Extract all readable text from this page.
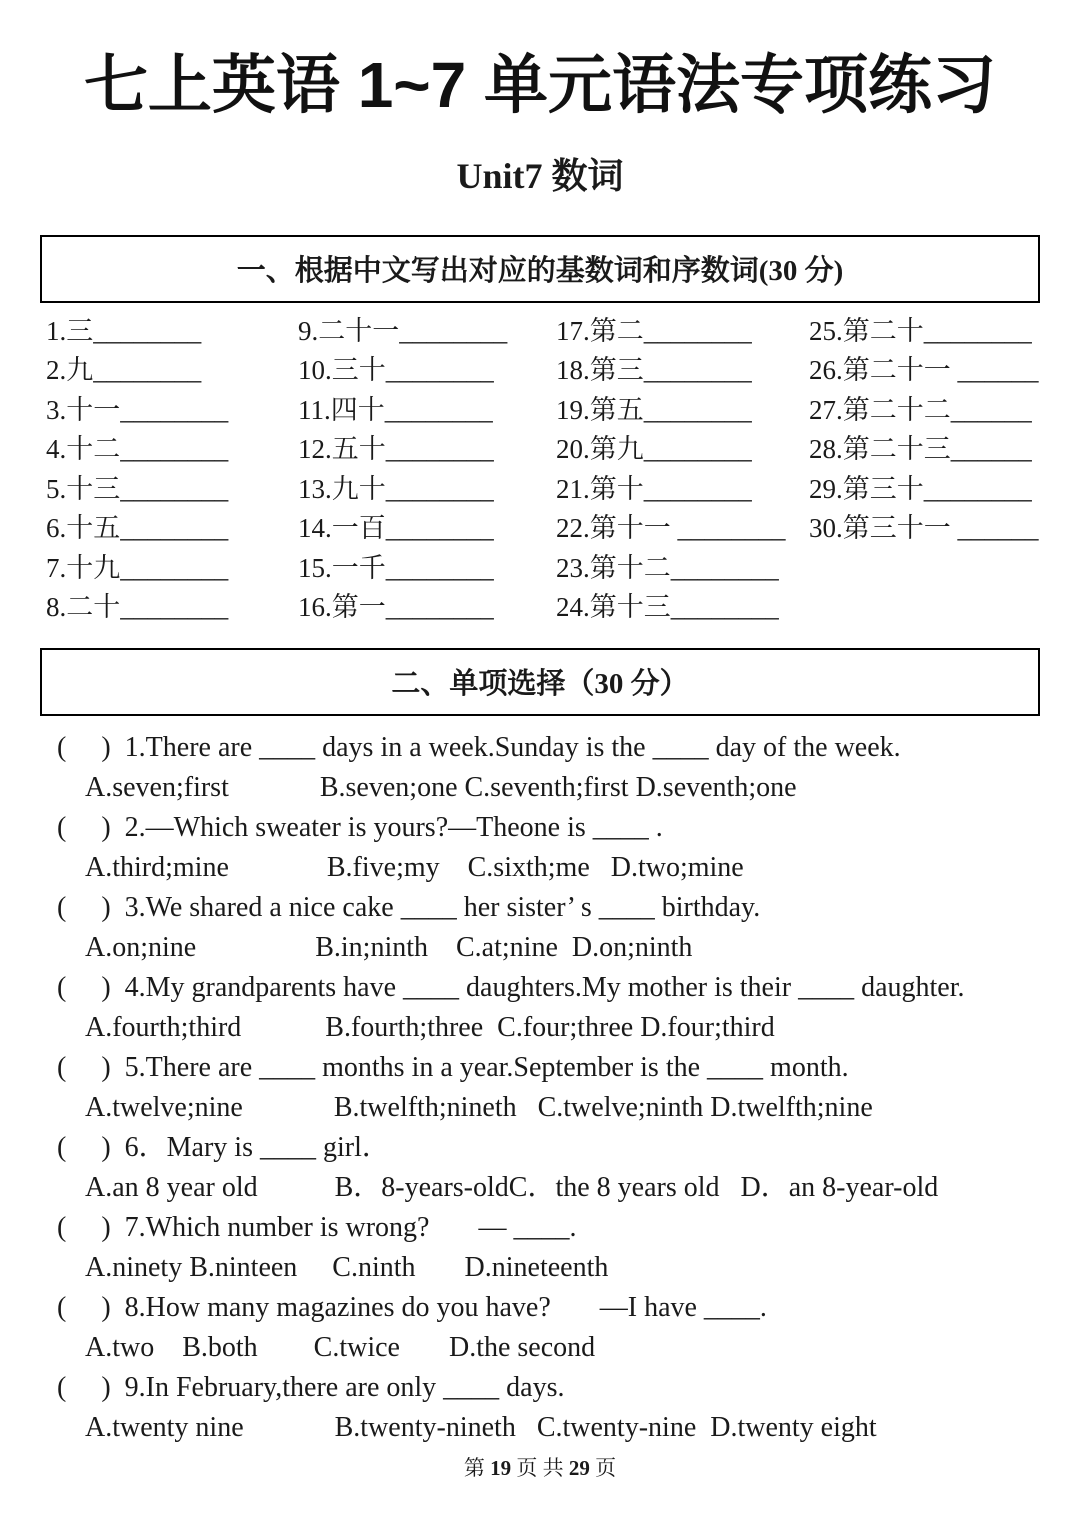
七上英语 1~7 单元语法专项练习
Unit7 数词
一、根据中文写出对应的基数词和序数词(30 分)
1.三________
2.九________
3.十一________
4.十二________
5.十三________
6.十五________
7.十九________
8.二十________
9.二十一________
10.三十________
11.四十________
12.五十________
13.九十________
14.一百________
15.一千________
16.第一________
17.第二________
18.第三________
19.第五________
20.第九________
21.第十________
22.第十一 ________
23.第十二________
24.第十三________
25.第二十________
26.第二十一 ______
27.第二十二______
28.第二十三______
29.第三十________
30.第三十一 ______
二、单项选择（30 分）
(     )  1.There are ____ days in a week.Sunday is the ____ day of the week.
A.seven;first             B.seven;one C.seventh;first D.seventh;one
(     )  2.—Which sweater is yours?—Theone is ____ .
A.third;mine              B.five;my    C.sixth;me   D.two;mine
(     )  3.We shared a nice cake ____ her sister’ s ____ birthday.
A.on;nine                 B.in;ninth    C.at;nine  D.on;ninth
(     )  4.My grandparents have ____ daughters.My mother is their ____ daughter.
A.fourth;third            B.fourth;three  C.four;three D.four;third
(     )  5.There are ____ months in a year.September is the ____ month.
A.twelve;nine             B.twelfth;nineth   C.twelve;ninth D.twelfth;nine
(     )  6．Mary is ____ girl．
A.an 8 year old           B．8-years-oldC．the 8 years old   D．an 8-year-old
(     )  7.Which number is wrong?       — ____.
A.ninety B.ninteen     C.ninth       D.nineteenth
(     )  8.How many magazines do you have?       —I have ____.
A.two    B.both        C.twice       D.the second
(     )  9.In February,there are only ____ days.
A.twenty nine             B.twenty-nineth   C.twenty-nine  D.twenty eight
第 19 页 共 29 页
